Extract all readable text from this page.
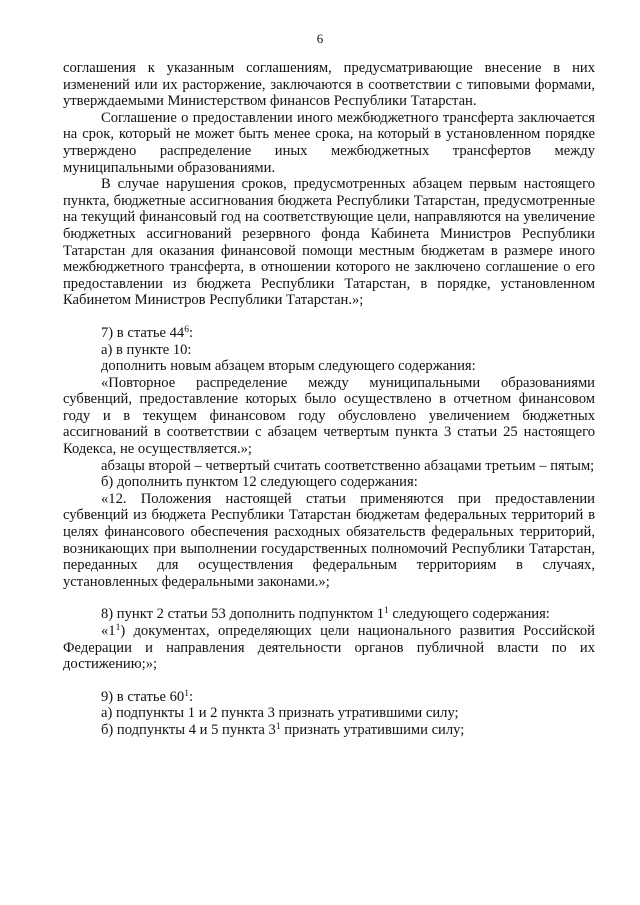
6

соглашения к указанным соглашениям, предусматривающие внесение в них изменений или их расторжение, заключаются в соответствии с типовыми формами, утверждаемыми Министерством финансов Республики Татарстан.

Соглашение о предоставлении иного межбюджетного трансферта заключается на срок, который не может быть менее срока, на который в установленном порядке утверждено распределение иных межбюджетных трансфертов между муниципальными образованиями.

В случае нарушения сроков, предусмотренных абзацем первым настоящего пункта, бюджетные ассигнования бюджета Республики Татарстан, предусмотренные на текущий финансовый год на соответствующие цели, направляются на увеличение бюджетных ассигнований резервного фонда Кабинета Министров Республики Татарстан для оказания финансовой помощи местным бюджетам в размере иного межбюджетного трансферта, в отношении которого не заключено соглашение о его предоставлении из бюджета Республики Татарстан, в порядке, установленном Кабинетом Министров Республики Татарстан.»;

7) в статье $44^6$:

а) в пункте 10:

дополнить новым абзацем вторым следующего содержания:

«Повторное распределение между муниципальными образованиями субвенций, предоставление которых было осуществлено в отчетном финансовом году и в текущем финансовом году обусловлено увеличением бюджетных ассигнований в соответствии с абзацем четвертым пункта 3 статьи 25 настоящего Кодекса, не осуществляется.»;

абзацы второй – четвертый считать соответственно абзацами третьим – пятым;

б) дополнить пунктом 12 следующего содержания:

«12. Положения настоящей статьи применяются при предоставлении субвенций из бюджета Республики Татарстан бюджетам федеральных территорий в целях финансового обеспечения расходных обязательств федеральных территорий, возникающих при выполнении государственных полномочий Республики Татарстан, переданных для осуществления федеральным территориям в случаях, установленных федеральными законами.»;

8) пункт 2 статьи 53 дополнить подпунктом $1^1$ следующего содержания:

«$1^1$) документах, определяющих цели национального развития Российской Федерации и направления деятельности органов публичной власти по их достижению;»;

9) в статье $60^1$:

а) подпункты 1 и 2 пункта 3 признать утратившими силу;

б) подпункты 4 и 5 пункта $3^1$ признать утратившими силу;
